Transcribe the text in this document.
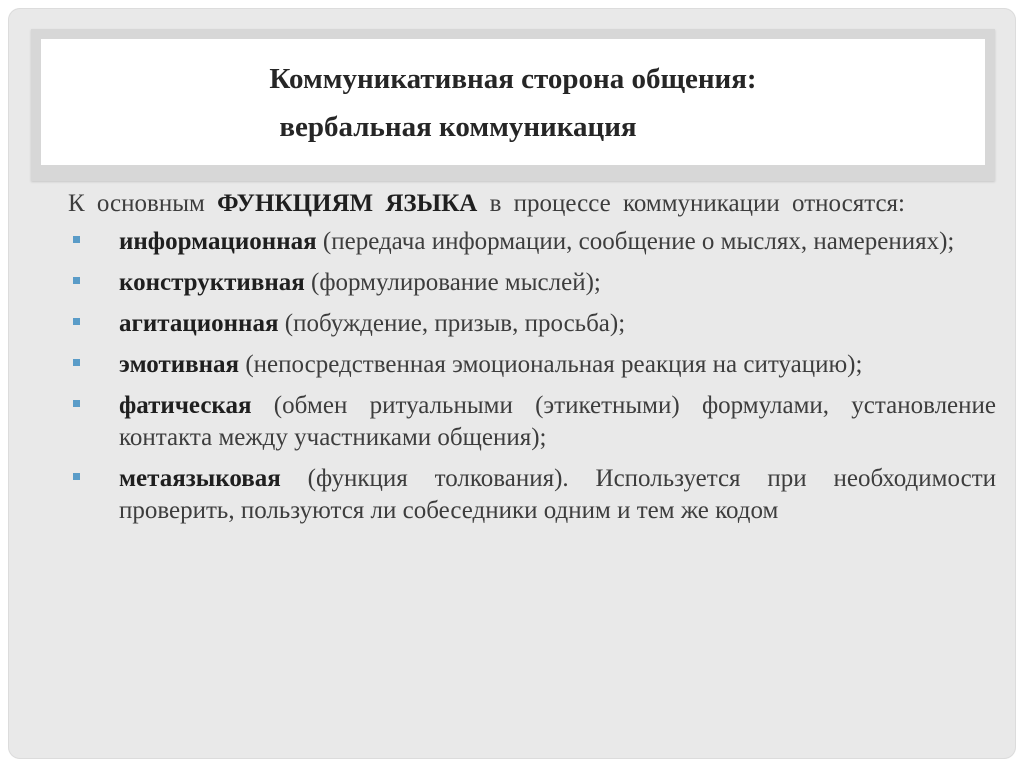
Коммуникативная сторона общения:
вербальная коммуникация

К основным ФУНКЦИЯМ ЯЗЫКА в процессе коммуникации относятся:

информационная (передача информации, сообщение о мыслях, намерениях);
конструктивная (формулирование мыслей);
агитационная (побуждение, призыв, просьба);
эмотивная (непосредственная эмоциональная реакция на ситуацию);
фатическая (обмен ритуальными (этикетными) формулами, установление контакта между участниками общения);
метаязыковая (функция толкования). Используется при необходимости проверить, пользуются ли собеседники одним и тем же кодом
